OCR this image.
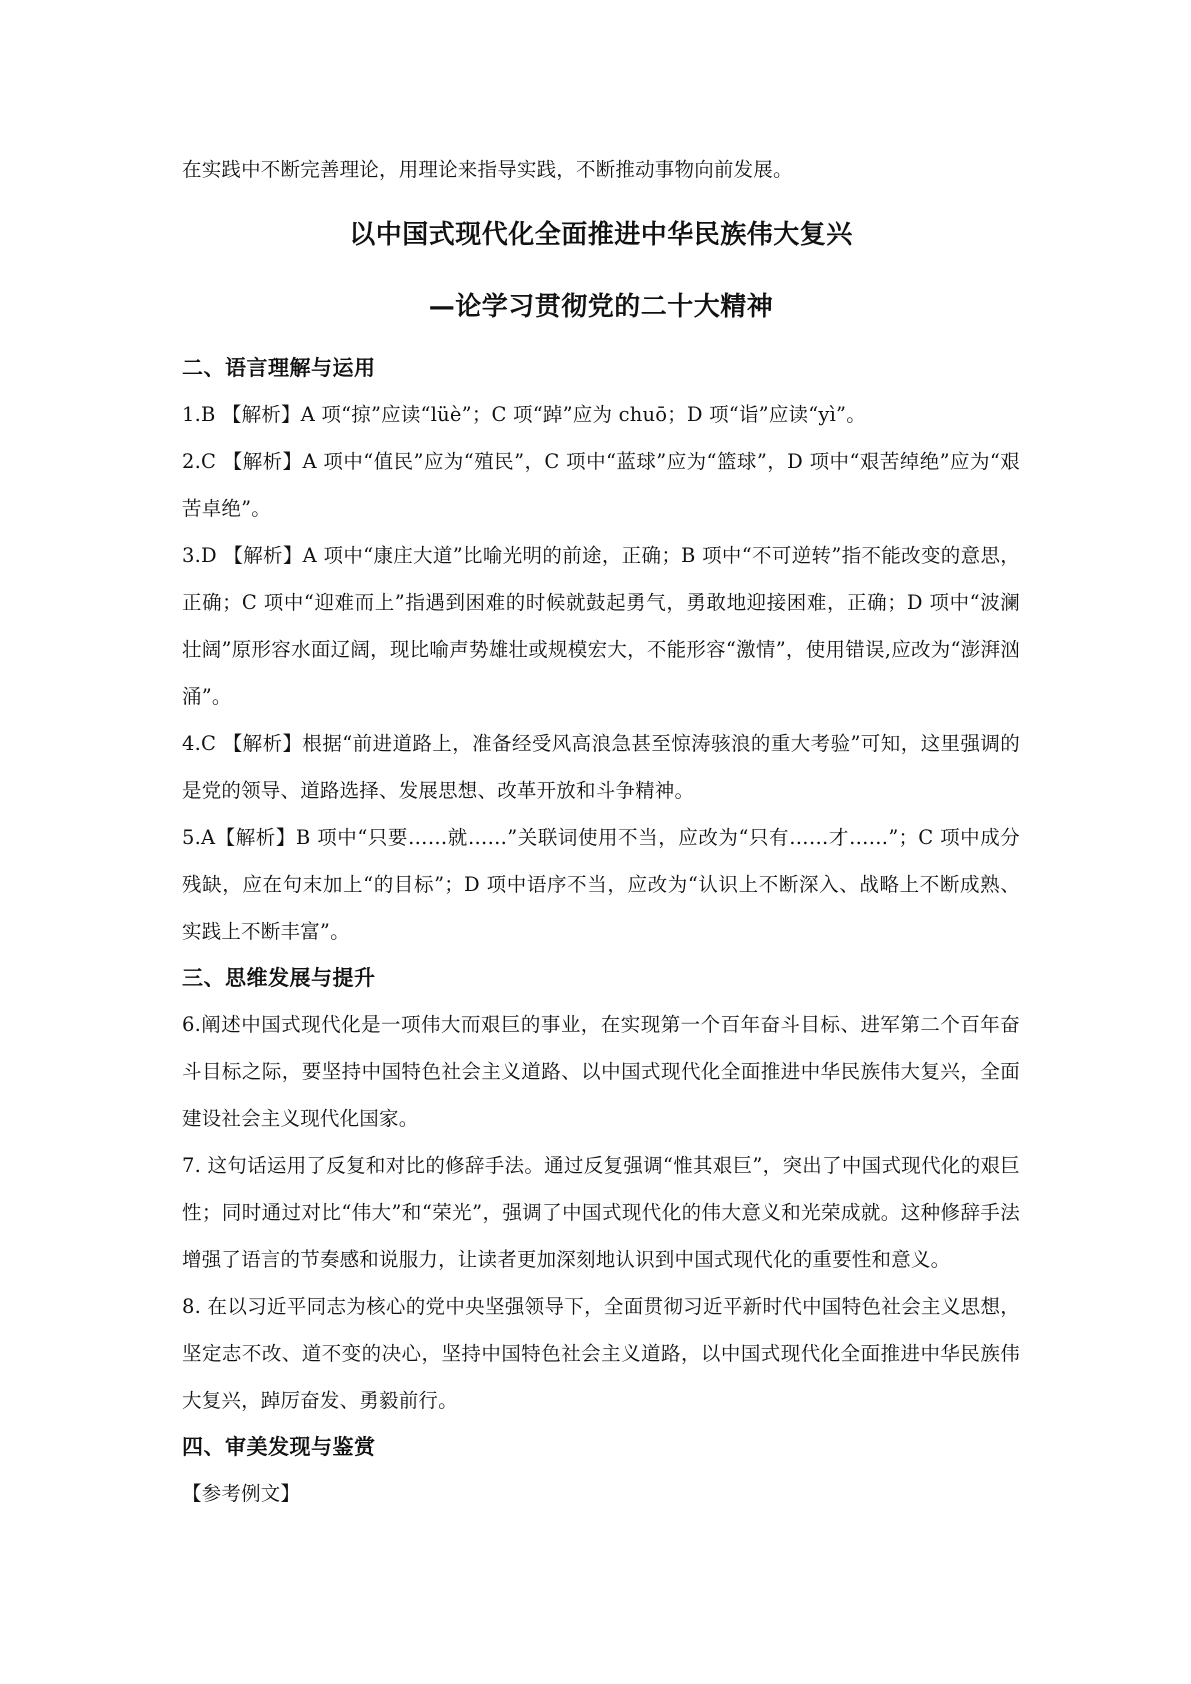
在实践中不断完善理论，用理论来指导实践，不断推动事物向前发展。

以中国式现代化全面推进中华民族伟大复兴
—论学习贯彻党的二十大精神
二、语言理解与运用

1.B 【解析】A 项“掠”应读“lüè”；C 项“踔”应为 chuō；D 项“诣”应读“yì”。

2.C 【解析】A 项中“值民”应为“殖民”，C 项中“蓝球”应为“篮球”，D 项中“艰苦绰绝”应为“艰苦卓绝”。

3.D 【解析】A 项中“康庄大道”比喻光明的前途，正确；B 项中“不可逆转”指不能改变的意思，正确；C 项中“迎难而上”指遇到困难的时候就鼓起勇气，勇敢地迎接困难，正确；D 项中“波澜壮阔”原形容水面辽阔，现比喻声势雄壮或规模宏大，不能形容“激情”，使用错误,应改为“澎湃汹涌”。

4.C 【解析】根据“前进道路上，准备经受风高浪急甚至惊涛骇浪的重大考验”可知，这里强调的是党的领导、道路选择、发展思想、改革开放和斗争精神。

5.A【解析】B 项中“只要……就……”关联词使用不当，应改为“只有……才……”；C 项中成分残缺，应在句末加上“的目标”；D 项中语序不当，应改为“认识上不断深入、战略上不断成熟、实践上不断丰富”。

三、思维发展与提升

6.阐述中国式现代化是一项伟大而艰巨的事业，在实现第一个百年奋斗目标、进军第二个百年奋斗目标之际，要坚持中国特色社会主义道路、以中国式现代化全面推进中华民族伟大复兴，全面建设社会主义现代化国家。

7. 这句话运用了反复和对比的修辞手法。通过反复强调“惟其艰巨”，突出了中国式现代化的艰巨性；同时通过对比“伟大”和“荣光”，强调了中国式现代化的伟大意义和光荣成就。这种修辞手法增强了语言的节奏感和说服力，让读者更加深刻地认识到中国式现代化的重要性和意义。

8. 在以习近平同志为核心的党中央坚强领导下，全面贯彻习近平新时代中国特色社会主义思想，坚定志不改、道不变的决心，坚持中国特色社会主义道路，以中国式现代化全面推进中华民族伟大复兴，踔厉奋发、勇毅前行。

四、审美发现与鉴赏

【参考例文】
